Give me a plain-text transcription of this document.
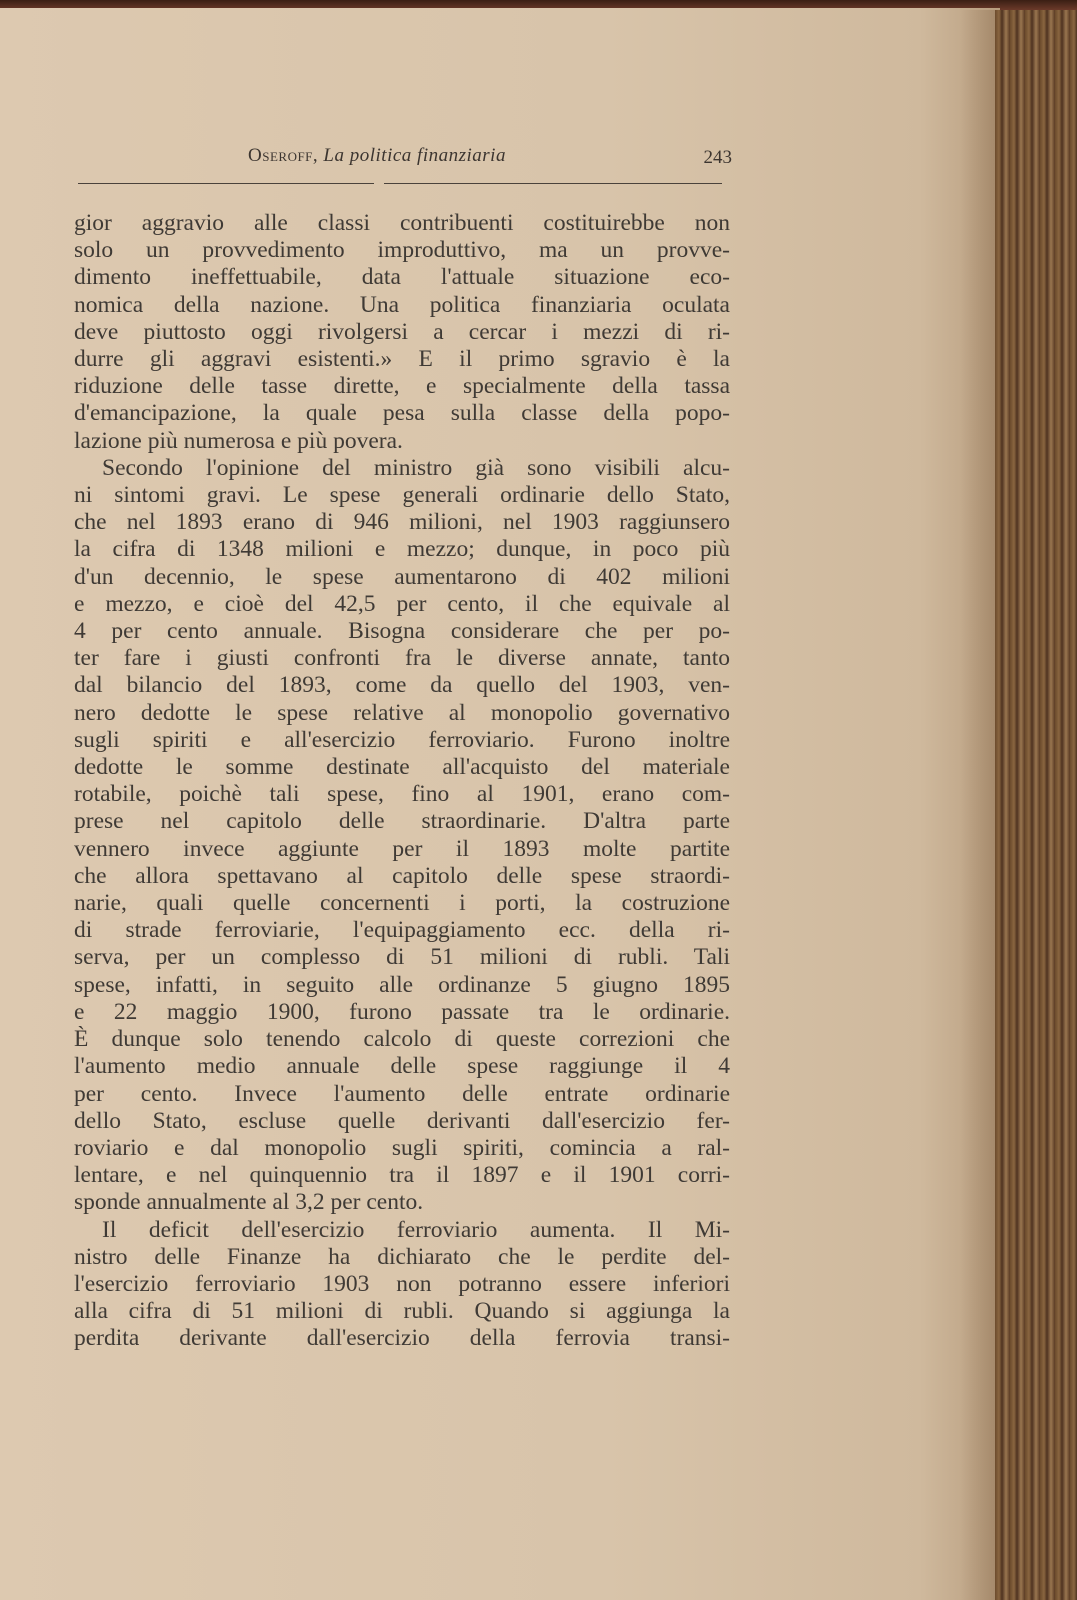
Oseroff, La politica finanziaria	243
gior aggravio alle classi contribuenti costituirebbe non
solo un provvedimento improduttivo, ma un provve-
dimento ineffettuabile, data l'attuale situazione eco-
nomica della nazione. Una politica finanziaria oculata
deve piuttosto oggi rivolgersi a cercar i mezzi di ri-
durre gli aggravi esistenti.» E il primo sgravio è la
riduzione delle tasse dirette, e specialmente della tassa
d'emancipazione, la quale pesa sulla classe della popo-
lazione più numerosa e più povera.
Secondo l'opinione del ministro già sono visibili alcu-
ni sintomi gravi. Le spese generali ordinarie dello Stato,
che nel 1893 erano di 946 milioni, nel 1903 raggiunsero
la cifra di 1348 milioni e mezzo; dunque, in poco più
d'un decennio, le spese aumentarono di 402 milioni
e mezzo, e cioè del 42,5 per cento, il che equivale al
4 per cento annuale. Bisogna considerare che per po-
ter fare i giusti confronti fra le diverse annate, tanto
dal bilancio del 1893, come da quello del 1903, ven-
nero dedotte le spese relative al monopolio governativo
sugli spiriti e all'esercizio ferroviario. Furono inoltre
dedotte le somme destinate all'acquisto del materiale
rotabile, poichè tali spese, fino al 1901, erano com-
prese nel capitolo delle straordinarie. D'altra parte
vennero invece aggiunte per il 1893 molte partite
che allora spettavano al capitolo delle spese straordi-
narie, quali quelle concernenti i porti, la costruzione
di strade ferroviarie, l'equipaggiamento ecc. della ri-
serva, per un complesso di 51 milioni di rubli. Tali
spese, infatti, in seguito alle ordinanze 5 giugno 1895
e 22 maggio 1900, furono passate tra le ordinarie.
È dunque solo tenendo calcolo di queste correzioni che
l'aumento medio annuale delle spese raggiunge il 4
per cento. Invece l'aumento delle entrate ordinarie
dello Stato, escluse quelle derivanti dall'esercizio fer-
roviario e dal monopolio sugli spiriti, comincia a ral-
lentare, e nel quinquennio tra il 1897 e il 1901 corri-
sponde annualmente al 3,2 per cento.
Il deficit dell'esercizio ferroviario aumenta. Il Mi-
nistro delle Finanze ha dichiarato che le perdite del-
l'esercizio ferroviario 1903 non potranno essere inferiori
alla cifra di 51 milioni di rubli. Quando si aggiunga la
perdita derivante dall'esercizio della ferrovia transi-
